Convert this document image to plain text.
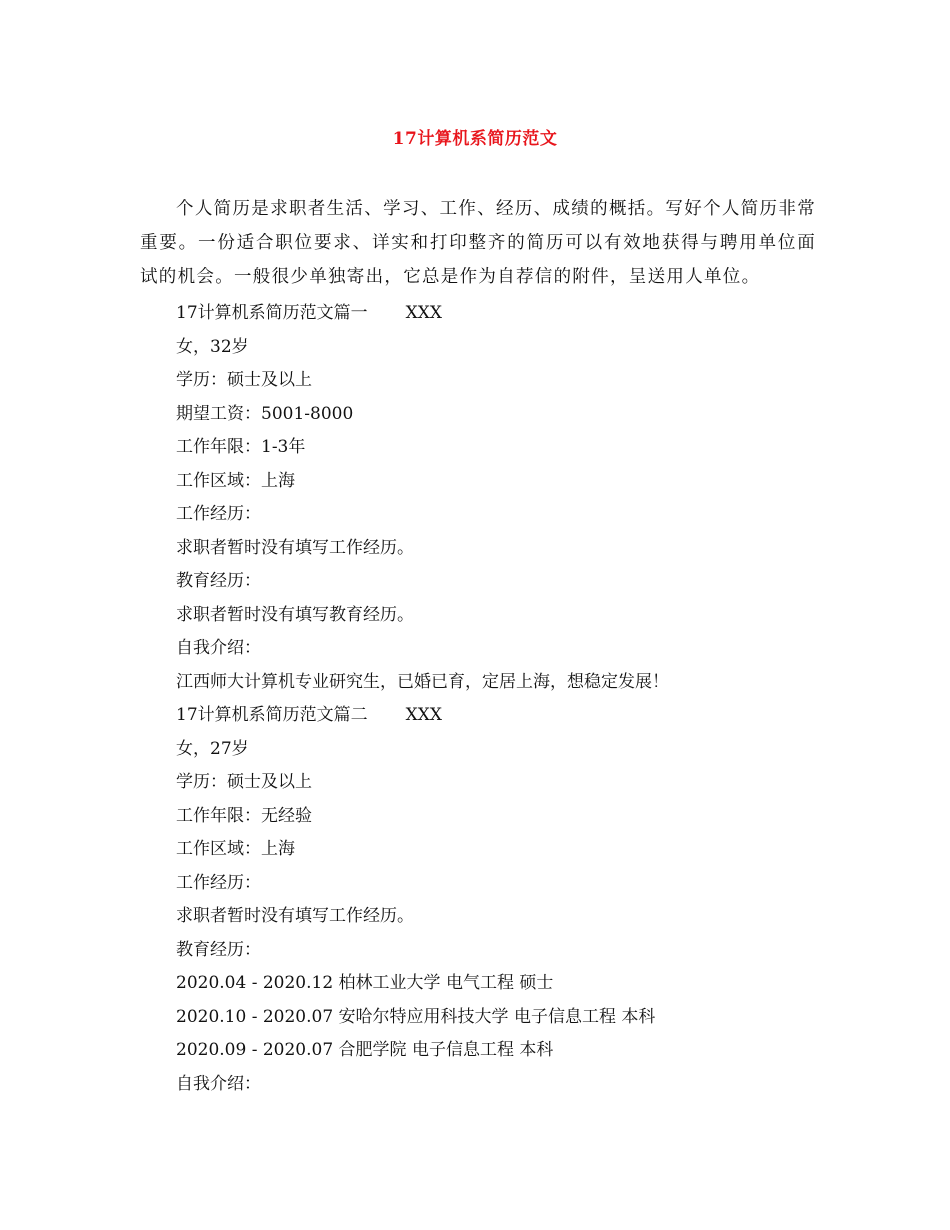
17计算机系简历范文
个人简历是求职者生活、学习、工作、经历、成绩的概括。写好个人简历非常重要。一份适合职位要求、详实和打印整齐的简历可以有效地获得与聘用单位面试的机会。一般很少单独寄出，它总是作为自荐信的附件，呈送用人单位。
17计算机系简历范文篇一 XXX
女，32岁
学历：硕士及以上
期望工资：5001-8000
工作年限：1-3年
工作区域：上海
工作经历：
求职者暂时没有填写工作经历。
教育经历：
求职者暂时没有填写教育经历。
自我介绍：
江西师大计算机专业研究生，已婚已育，定居上海，想稳定发展！
17计算机系简历范文篇二 XXX
女，27岁
学历：硕士及以上
工作年限：无经验
工作区域：上海
工作经历：
求职者暂时没有填写工作经历。
教育经历：
2020.04 - 2020.12 柏林工业大学 电气工程 硕士
2020.10 - 2020.07 安哈尔特应用科技大学 电子信息工程 本科
2020.09 - 2020.07 合肥学院 电子信息工程 本科
自我介绍：
